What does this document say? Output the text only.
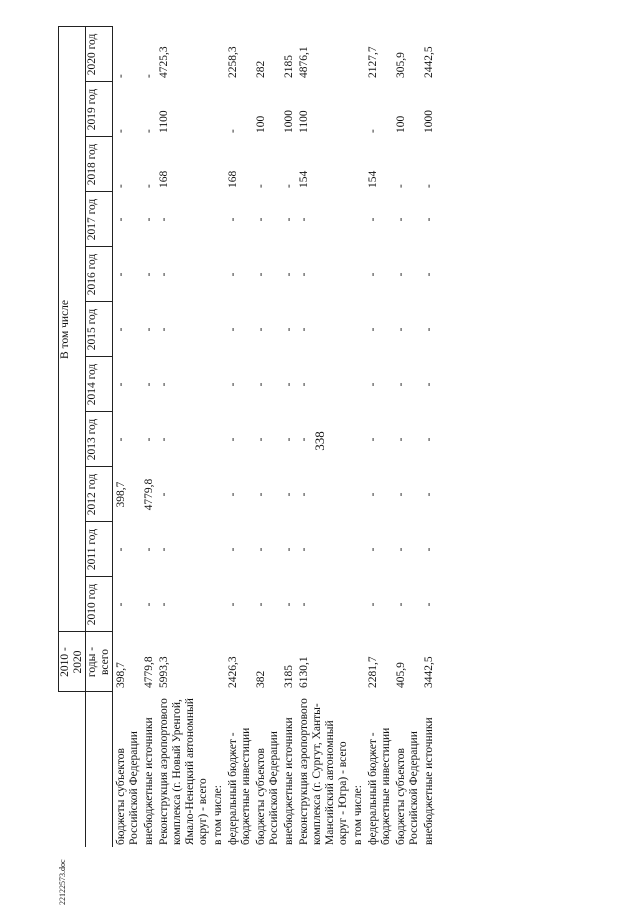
338
22122573.doc
	2010 - 2020	В том числе										
	годы - всего	2010 год	2011 год	2012 год	2013 год	2014 год	2015 год	2016 год	2017 год	2018 год	2019 год	2020 год
бюджеты субъектов Российской Федерации	398,7	-	-	398,7	-	-	-	-	-	-	-	-
внебюджетные источники	4779,8	-	-	4779,8	-	-	-	-	-	-	-	-
Реконструкция аэропортового комплекса (г. Новый Уренгой, Ямало-Ненецкий автономный округ) - всего	5993,3	-	-	-	-	-	-	-	-	168	1100	4725,3
в том числе:												
федеральный бюджет - бюджетные инвестиции	2426,3	-	-	-	-	-	-	-	-	168	-	2258,3
бюджеты субъектов Российской Федерации	382	-	-	-	-	-	-	-	-	-	100	282
внебюджетные источники	3185	-	-	-	-	-	-	-	-	-	1000	2185
Реконструкция аэропортового комплекса (г. Сургут, Ханты-Мансийский автономный округ - Югра) - всего	6130,1	-	-	-	-	-	-	-	-	154	1100	4876,1
в том числе:												
федеральный бюджет - бюджетные инвестиции	2281,7	-	-	-	-	-	-	-	-	154	-	2127,7
бюджеты субъектов Российской Федерации	405,9	-	-	-	-	-	-	-	-	-	100	305,9
внебюджетные источники	3442,5	-	-	-	-	-	-	-	-	-	1000	2442,5
